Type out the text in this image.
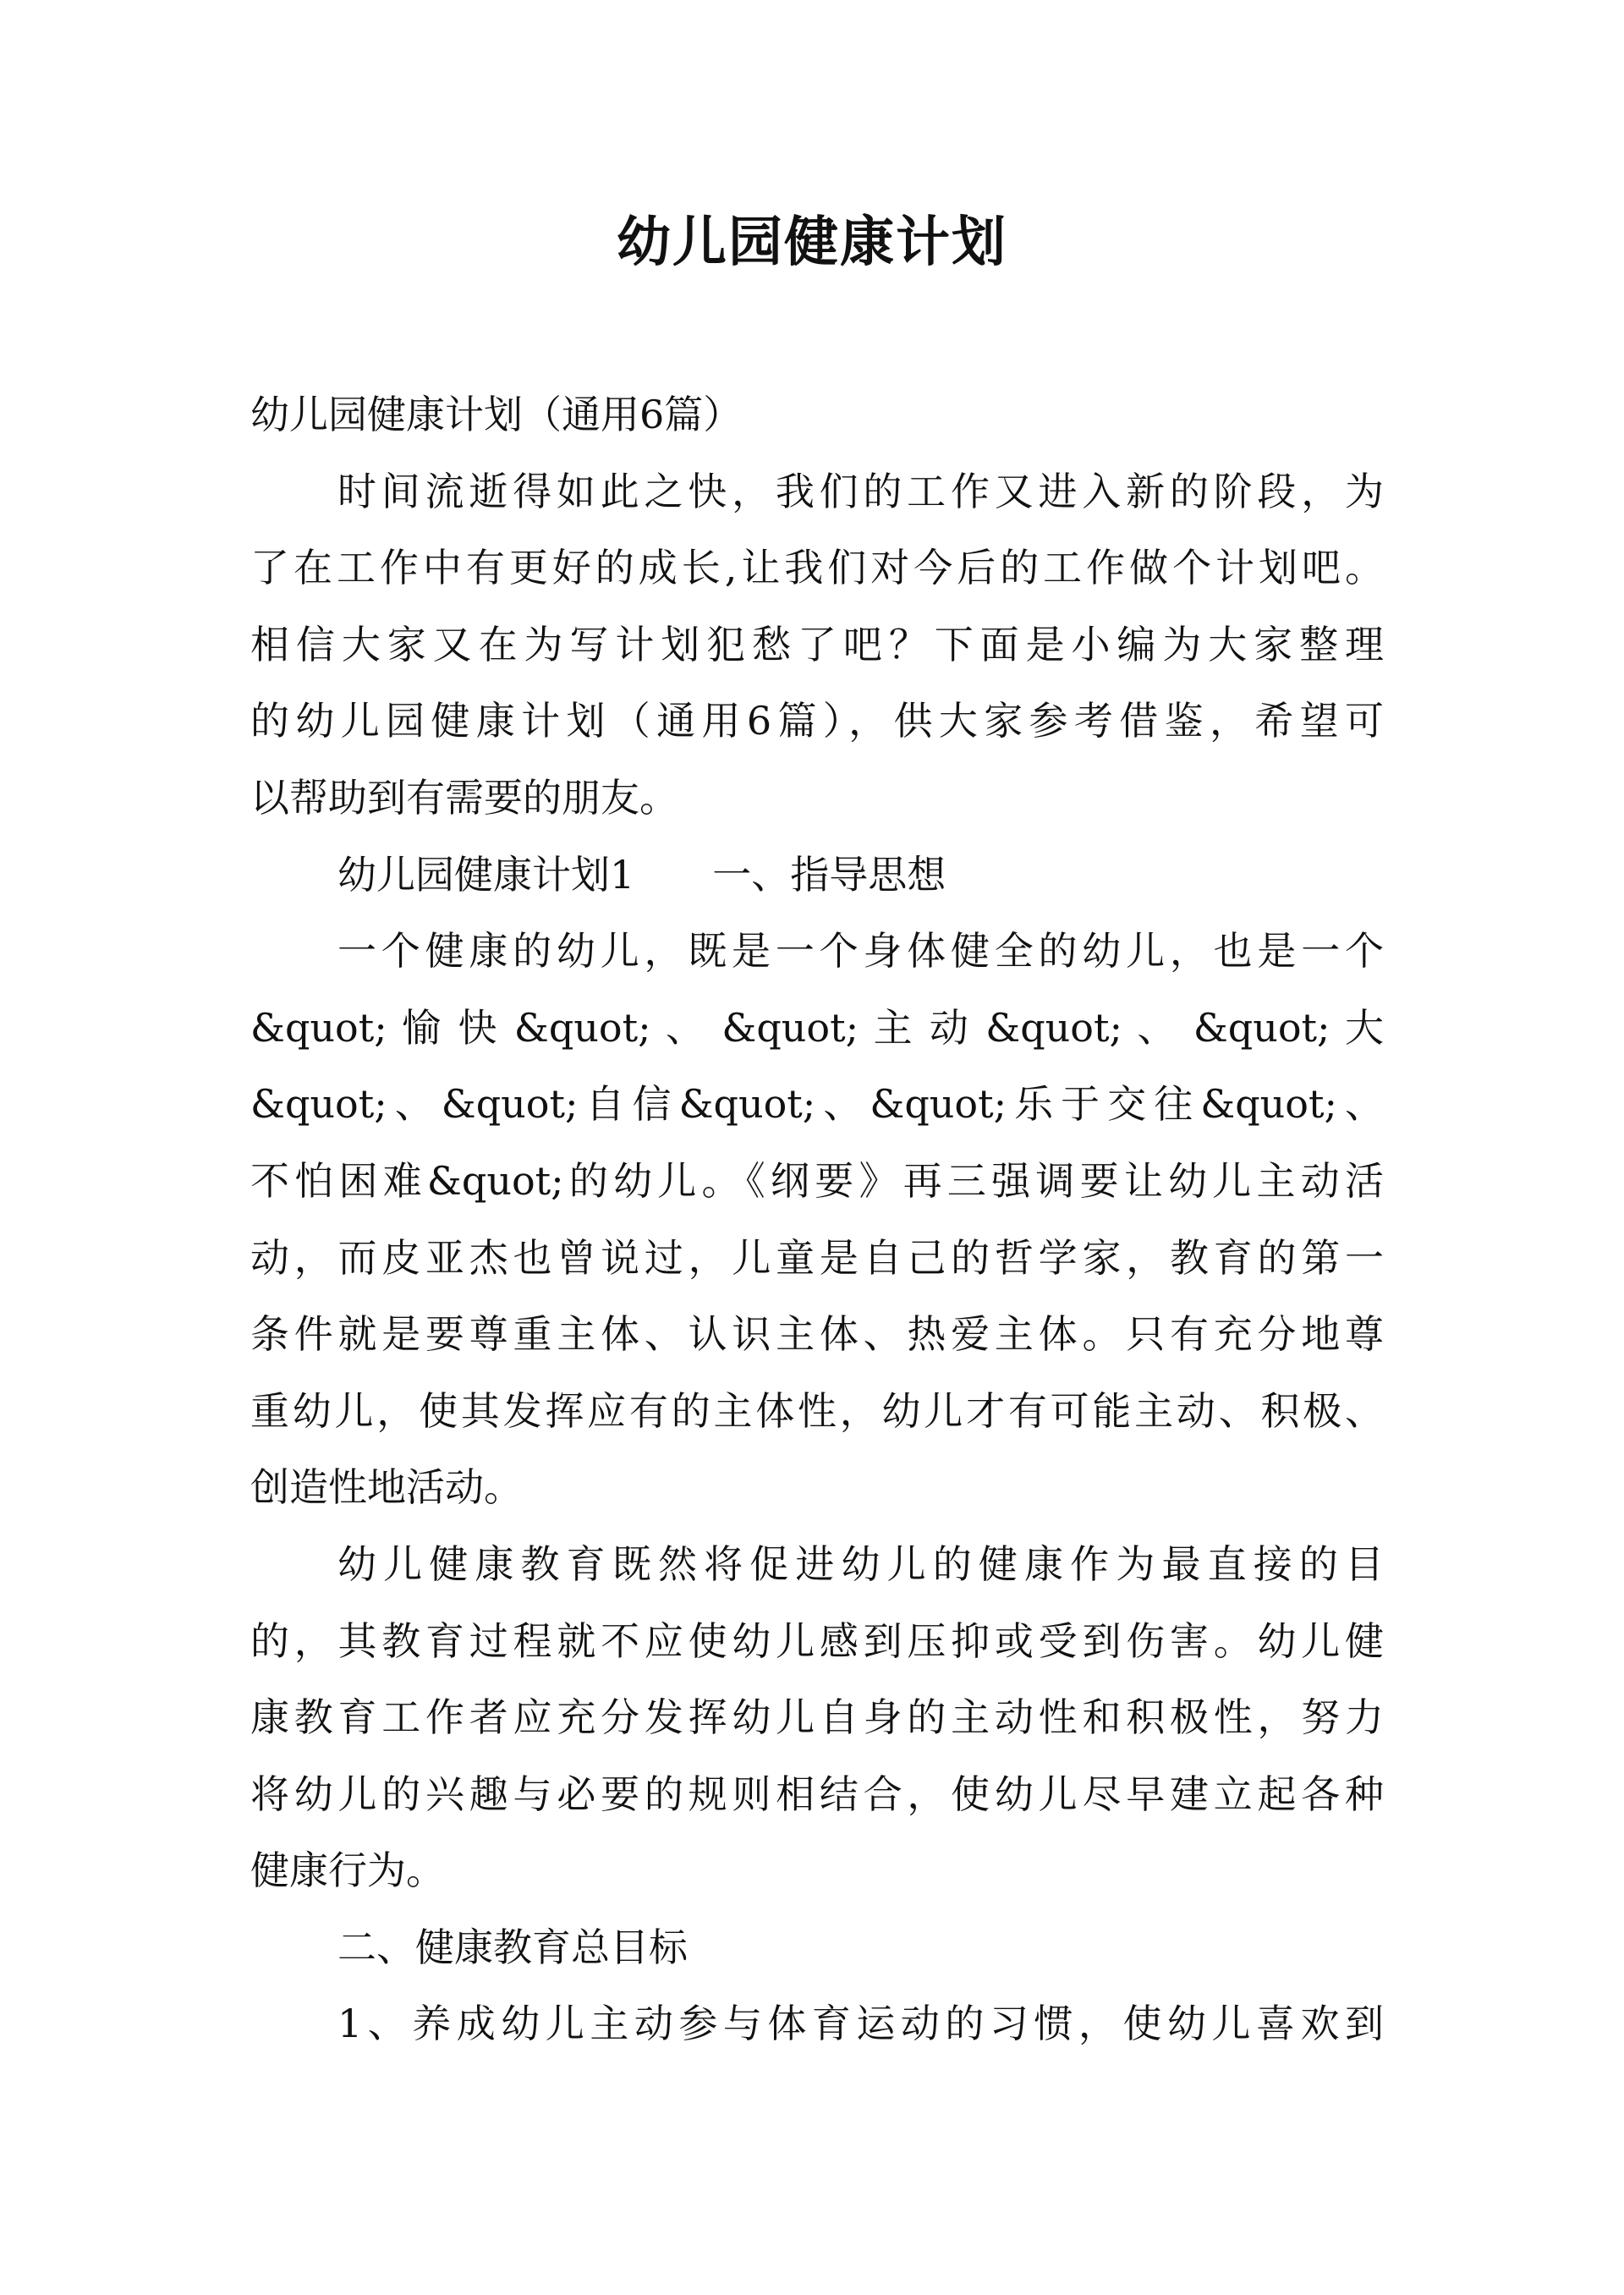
幼儿园健康计划
幼儿园健康计划（通用6篇）
时间流逝得如此之快，我们的工作又进入新的阶段，为
了在工作中有更好的成长,让我们对今后的工作做个计划吧。
相信大家又在为写计划犯愁了吧？下面是小编为大家整理
的幼儿园健康计划（通用6篇），供大家参考借鉴，希望可
以帮助到有需要的朋友。
幼儿园健康计划1　　一、指导思想
一个健康的幼儿，既是一个身体健全的幼儿，也是一个
&quot; 愉 快 &quot; 、 &quot; 主 动 &quot; 、 &quot; 大
&quot;、&quot;自信&quot;、&quot;乐于交往&quot;、
不怕困难&quot;的幼儿。《纲要》再三强调要让幼儿主动活
动，而皮亚杰也曾说过，儿童是自己的哲学家，教育的第一
条件就是要尊重主体、认识主体、热爱主体。只有充分地尊
重幼儿，使其发挥应有的主体性，幼儿才有可能主动、积极、
创造性地活动。
幼儿健康教育既然将促进幼儿的健康作为最直接的目
的，其教育过程就不应使幼儿感到压抑或受到伤害。幼儿健
康教育工作者应充分发挥幼儿自身的主动性和积极性，努力
将幼儿的兴趣与必要的规则相结合，使幼儿尽早建立起各种
健康行为。
二、健康教育总目标
1、养成幼儿主动参与体育运动的习惯，使幼儿喜欢到
